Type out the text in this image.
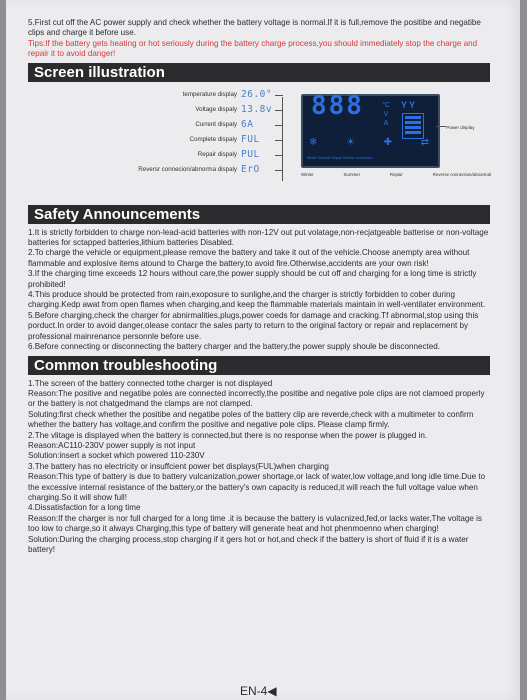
5.First cut off the AC power supply and check whether the battery voltage is normal.If it is full,remove the positibe and negatibe clips and charge it before use.

Tips:If the battery gets heating or hot seriously during the battery charge process,you should immediately stop the charge and repair it to avoid danger!

Screen illustration
temperature display 26.0°
Voltage dispaly 13.8v
Current dispaly 6A
Complete dispaly FUL
Repair dispaly PUL
Reversr connecion/abnorma dispaly ErO
888	°C
V
A
Y Y
❄	☀	✚	⇄
Winter Summer Repair Reverse connection
Power display
Winter	Summer	Repair	Reverse connection/abnormal
Safety Announcements

1.It is strictly forbidden to charge non-lead-acid batteries with non-12V out put volatage,non-recjatgeable batterise or non-voltage batteries for sctapped batteries,lithium batteries Disabled.

2.To charge the vehicle or equipment,please remove the battery and take it out of the vehicle.Choose anempty area without flammable and explosive items atound to Charge the battery,to avoid fire.Otherwise,accidents are your own risk!

3.If the charging time exceeds 12 hours without care,the power supply should be cut off and charging for a long time is strictly prohibited!

4.This produce should be protected from rain,exoposure to sunlighe,and the charger is strictly forbidden to cober during charging.Kedp awat from open flames when charging,and keep the flammable materials maintain in well-ventilater environment.

5.Before charging,check the charger for abnirmalities,plugs,power coeds for damage and cracking.Tf abnormal,stop using this porduct.In order to avoid danger,olease contacr the sales party to return to the original factory or repair and replacement by professional mainrenance personnle before use.

6.Before connecting or disconnecting the battery charger and the battery,the power supply shoule be disconnected.

Common troubleshooting

1.The screen of the battery connected tothe charger is not displayed

Reason:The positive and negatibe poles are connected incorrectly,the positibe and negative pole clips are not clamoed properly or the battery is not chatgedmand the clamps are not clamped.

Soluting:first check whether the positibe and negatibe poles of the battery clip are reverde,check with a multimeter to confirm whether the battery has voltage,and confirm the positive and negative pole clips. Please clamp firmly.

2.The vlitage is displayed when the battery is connected,but there is no response when the power is plugged in.

Reason:AC110-230V power supply is not input

Solution:insert a socket which powered 110-230V

3.The battery has no electricity or insuffcient power bet displays(FUL)when charging

Reason:This type of battery is due to battery vulcanization,power shortage,or lack of water,low voltage,and long idle time.Due to the excessive internal resistance of the battery,or the battery's own capacity is reduced,it will reach the full voltage value when charging.So it will show full!

4.Dissatisfaction for a long time

Reason:If the charger is nor full charged for a long time .it is because the battery is vulacnized,fed,or lacks water,The voltage is too low to charge,so it always Charging,this type of battery will generate heat and hot phenmoenno when charging!

Solution:During the charging process,stop charging if it gers hot or hot,and check if the battery is short of fluid if it is a water battery!

EN-4◀
